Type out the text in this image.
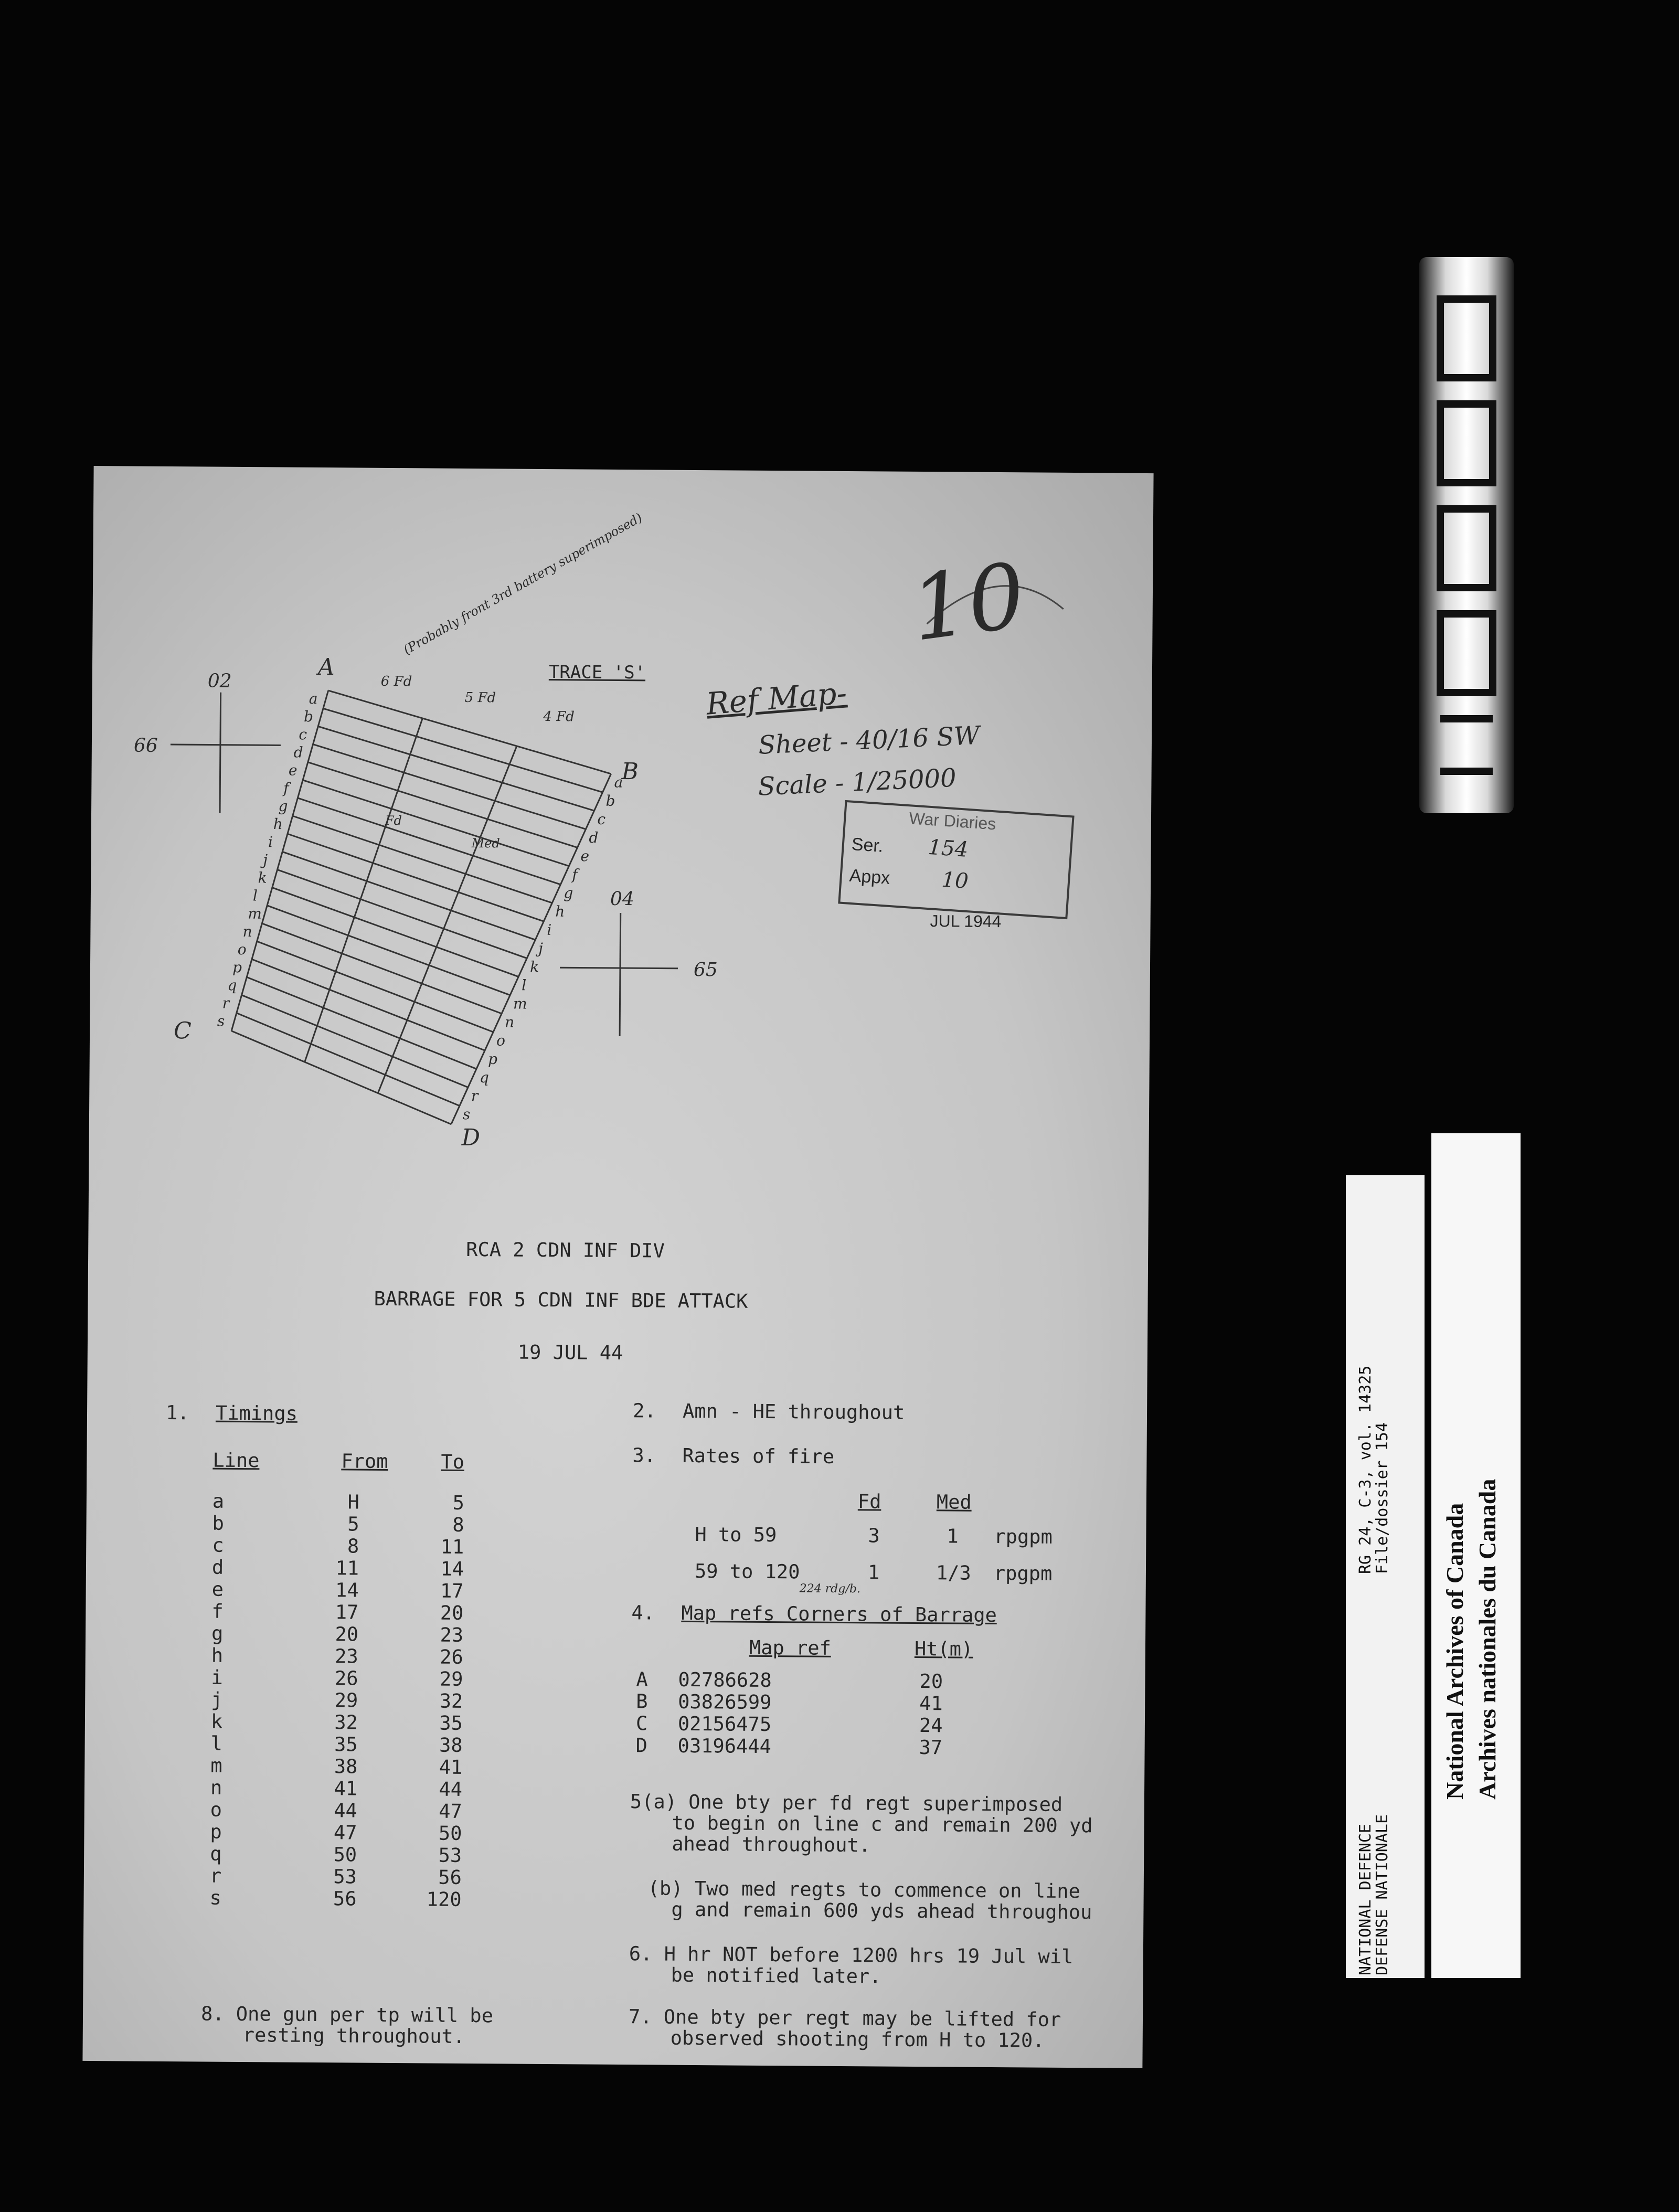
NATIONAL DEFENCE
DEFENSE NATIONALE
RG 24, C-3, vol. 14325
File/dossier 154
National Archives of Canada Archives nationales du Canada
02
66
04
65
A
B
C
D
6 Fd
5 Fd
4 Fd
Fd
Med
a
b
c
d
e
f
g
h
i
j
k
l
m
n
o
p
q
r
s
a
b
c
d
e
f
g
h
i
j
k
l
m
n
o
p
q
r
s
10
(Probably front 3rd battery superimposed)
Ref Map-
Sheet - 40/16 SW
Scale - 1/25000
TRACE 'S'
War Diaries
Ser. 154
Appx 10
JUL 1944
RCA 2 CDN INF DIV
BARRAGE FOR 5 CDN INF BDE ATTACK
19 JUL 44
1. Timings
Line	From	To
a	H	5
b	5	8
c	8	11
d	11	14
e	14	17
f	17	20
g	20	23
h	23	26
i	26	29
j	29	32
k	32	35
l	35	38
m	38	41
n	41	44
o	44	47
p	47	50
q	50	53
r	53	56
s	56	120
2. Amn - HE throughout
3. Rates of fire
Fd	Med
H to 59	3	1 rpgpm
59 to 120	1	1/3 rpgpm
224 rdg/b.
4. Map refs Corners of Barrage
Map ref	Ht(m)
A 02786628	20
B 03826599	41
C 02156475	24
D 03196444	37
5(a) One bty per fd regt superimposed
to begin on line c and remain 200 yd
ahead throughout.
(b) Two med regts to commence on line
g and remain 600 yds ahead throughou
6. H hr NOT before 1200 hrs 19 Jul wil
be notified later.
7. One bty per regt may be lifted for
observed shooting from H to 120.
8. One gun per tp will be
resting throughout.
